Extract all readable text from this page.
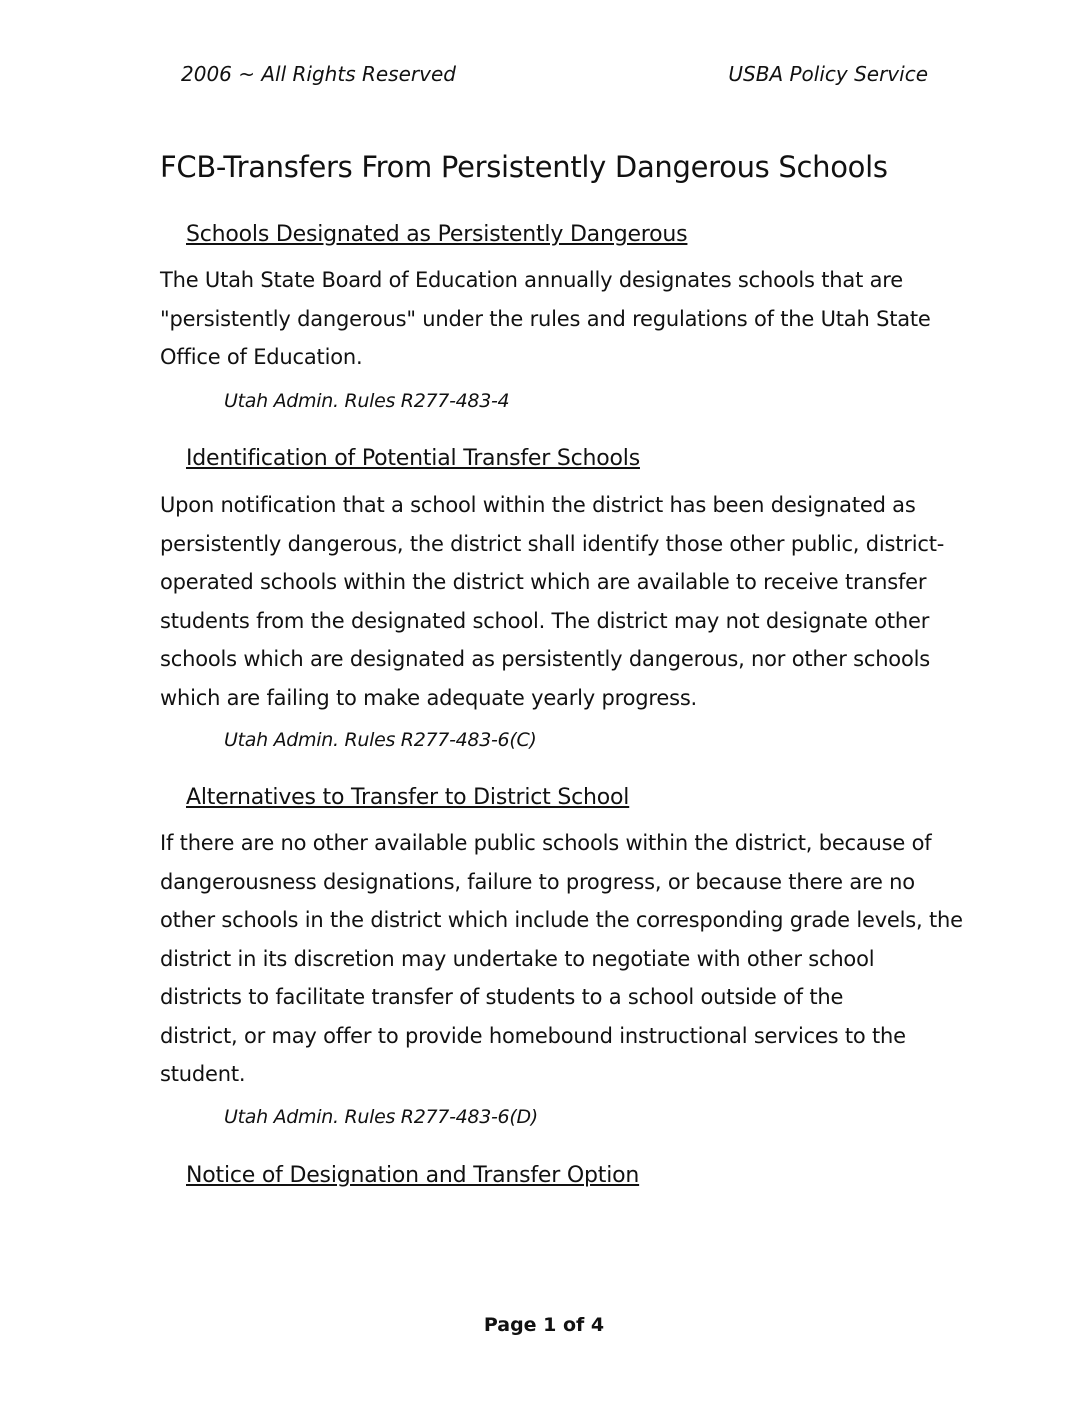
2006 ~ All Rights Reserved	USBA Policy Service
FCB-Transfers From Persistently Dangerous Schools
Schools Designated as Persistently Dangerous
The Utah State Board of Education annually designates schools that are
"persistently dangerous" under the rules and regulations of the Utah State
Office of Education.
Utah Admin. Rules R277-483-4
Identification of Potential Transfer Schools
Upon notification that a school within the district has been designated as
persistently dangerous, the district shall identify those other public, district-
operated schools within the district which are available to receive transfer
students from the designated school. The district may not designate other
schools which are designated as persistently dangerous, nor other schools
which are failing to make adequate yearly progress.
Utah Admin. Rules R277-483-6(C)
Alternatives to Transfer to District School
If there are no other available public schools within the district, because of
dangerousness designations, failure to progress, or because there are no
other schools in the district which include the corresponding grade levels, the
district in its discretion may undertake to negotiate with other school
districts to facilitate transfer of students to a school outside of the
district, or may offer to provide homebound instructional services to the
student.
Utah Admin. Rules R277-483-6(D)
Notice of Designation and Transfer Option
Page 1 of 4
